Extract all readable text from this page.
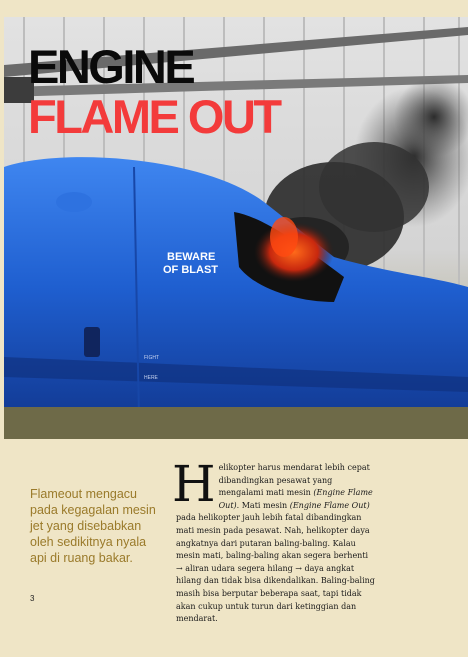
BEWARE
OF BLAST
FIGHT
HERE
ENGINE
FLAME OUT

Flameout mengacu pada kegagalan mesin jet yang disebabkan oleh sedikitnya nyala api di ruang bakar.

3

Helikopter harus mendarat lebih cepat dibandingkan pesawat yang mengalami mati mesin (Engine Flame Out). Mati mesin (Engine Flame Out) pada helikopter jauh lebih fatal dibandingkan mati mesin pada pesawat. Nah, helikopter daya angkatnya dari putaran baling-baling. Kalau mesin mati, baling-baling akan segera berhenti → aliran udara segera hilang → daya angkat hilang dan tidak bisa dikendalikan. Baling-baling masih bisa berputar beberapa saat, tapi tidak akan cukup untuk turun dari ketinggian dan mendarat.
